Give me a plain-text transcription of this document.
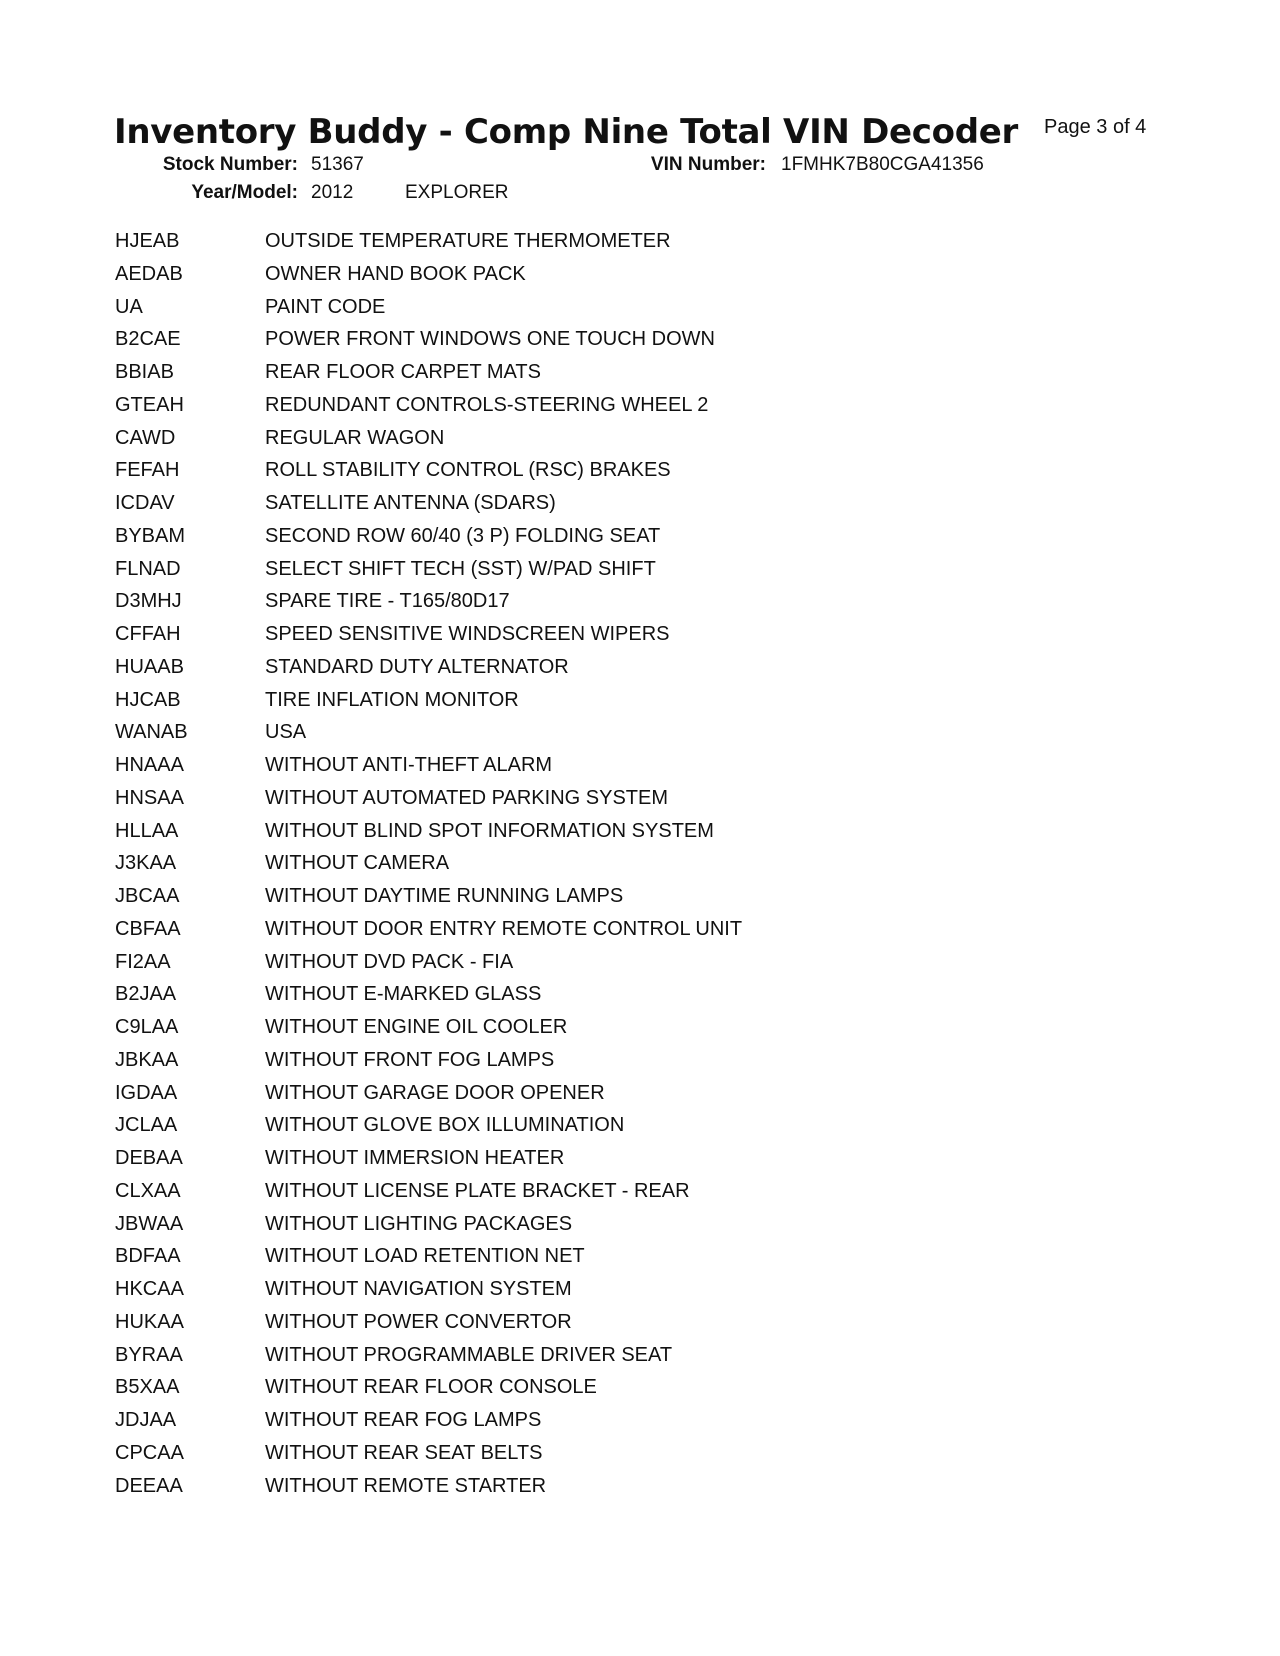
Inventory Buddy - Comp Nine Total VIN Decoder Page 3 of 4
Stock Number: 51367	VIN Number: 1FMHK7B80CGA41356
Year/Model: 2012	EXPLORER
HJEAB	OUTSIDE TEMPERATURE THERMOMETER
AEDAB	OWNER HAND BOOK PACK
UA	PAINT CODE
B2CAE	POWER FRONT WINDOWS ONE TOUCH DOWN
BBIAB	REAR FLOOR CARPET MATS
GTEAH	REDUNDANT CONTROLS-STEERING WHEEL 2
CAWD	REGULAR WAGON
FEFAH	ROLL STABILITY CONTROL (RSC) BRAKES
ICDAV	SATELLITE ANTENNA (SDARS)
BYBAM	SECOND ROW 60/40 (3 P) FOLDING SEAT
FLNAD	SELECT SHIFT TECH (SST) W/PAD SHIFT
D3MHJ	SPARE TIRE - T165/80D17
CFFAH	SPEED SENSITIVE WINDSCREEN WIPERS
HUAAB	STANDARD DUTY ALTERNATOR
HJCAB	TIRE INFLATION MONITOR
WANAB	USA
HNAAA	WITHOUT ANTI-THEFT ALARM
HNSAA	WITHOUT AUTOMATED PARKING SYSTEM
HLLAA	WITHOUT BLIND SPOT INFORMATION SYSTEM
J3KAA	WITHOUT CAMERA
JBCAA	WITHOUT DAYTIME RUNNING LAMPS
CBFAA	WITHOUT DOOR ENTRY REMOTE CONTROL UNIT
FI2AA	WITHOUT DVD PACK - FIA
B2JAA	WITHOUT E-MARKED GLASS
C9LAA	WITHOUT ENGINE OIL COOLER
JBKAA	WITHOUT FRONT FOG LAMPS
IGDAA	WITHOUT GARAGE DOOR OPENER
JCLAA	WITHOUT GLOVE BOX ILLUMINATION
DEBAA	WITHOUT IMMERSION HEATER
CLXAA	WITHOUT LICENSE PLATE BRACKET - REAR
JBWAA	WITHOUT LIGHTING PACKAGES
BDFAA	WITHOUT LOAD RETENTION NET
HKCAA	WITHOUT NAVIGATION SYSTEM
HUKAA	WITHOUT POWER CONVERTOR
BYRAA	WITHOUT PROGRAMMABLE DRIVER SEAT
B5XAA	WITHOUT REAR FLOOR CONSOLE
JDJAA	WITHOUT REAR FOG LAMPS
CPCAA	WITHOUT REAR SEAT BELTS
DEEAA	WITHOUT REMOTE STARTER
